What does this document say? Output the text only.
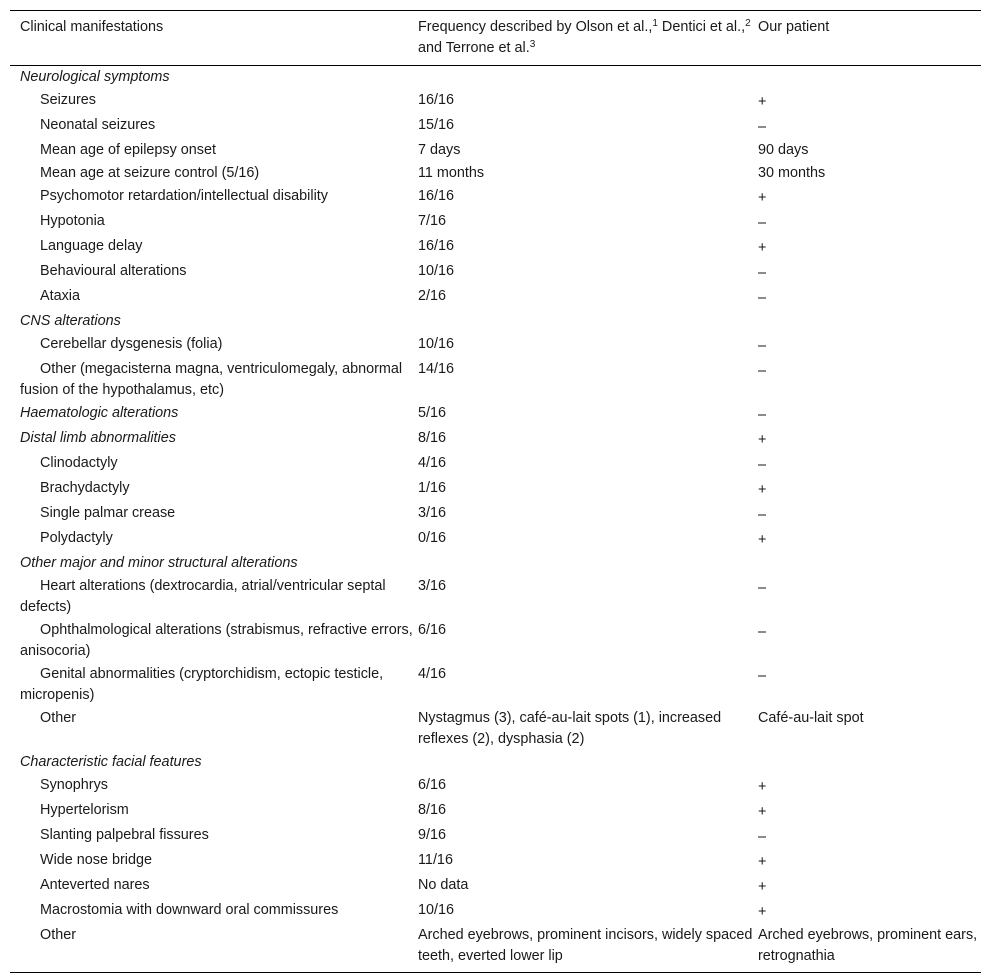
Clinical manifestations	Frequency described by Olson et al.,$^1$ Dentici et al.,$^2$ and Terrone et al.$^3$	Our patient
Neurological symptoms		
Seizures	16/16	+
Neonatal seizures	15/16	–
Mean age of epilepsy onset	7 days	90 days
Mean age at seizure control (5/16)	11 months	30 months
Psychomotor retardation/intellectual disability	16/16	+
Hypotonia	7/16	–
Language delay	16/16	+
Behavioural alterations	10/16	–
Ataxia	2/16	–
CNS alterations		
Cerebellar dysgenesis (folia)	10/16	–
Other (megacisterna magna, ventriculomegaly, abnormal fusion of the hypothalamus, etc)	14/16	–
Haematologic alterations	5/16	–
Distal limb abnormalities	8/16	+
Clinodactyly	4/16	–
Brachydactyly	1/16	+
Single palmar crease	3/16	–
Polydactyly	0/16	+
Other major and minor structural alterations		
Heart alterations (dextrocardia, atrial/ventricular septal defects)	3/16	–
Ophthalmological alterations (strabismus, refractive errors, anisocoria)	6/16	–
Genital abnormalities (cryptorchidism, ectopic testicle, micropenis)	4/16	–
Other	Nystagmus (3), café-au-lait spots (1), increased reflexes (2), dysphasia (2)	Café-au-lait spot
Characteristic facial features		
Synophrys	6/16	+
Hypertelorism	8/16	+
Slanting palpebral fissures	9/16	–
Wide nose bridge	11/16	+
Anteverted nares	No data	+
Macrostomia with downward oral commissures	10/16	+
Other	Arched eyebrows, prominent incisors, widely spaced teeth, everted lower lip	Arched eyebrows, prominent ears, retrognathia
